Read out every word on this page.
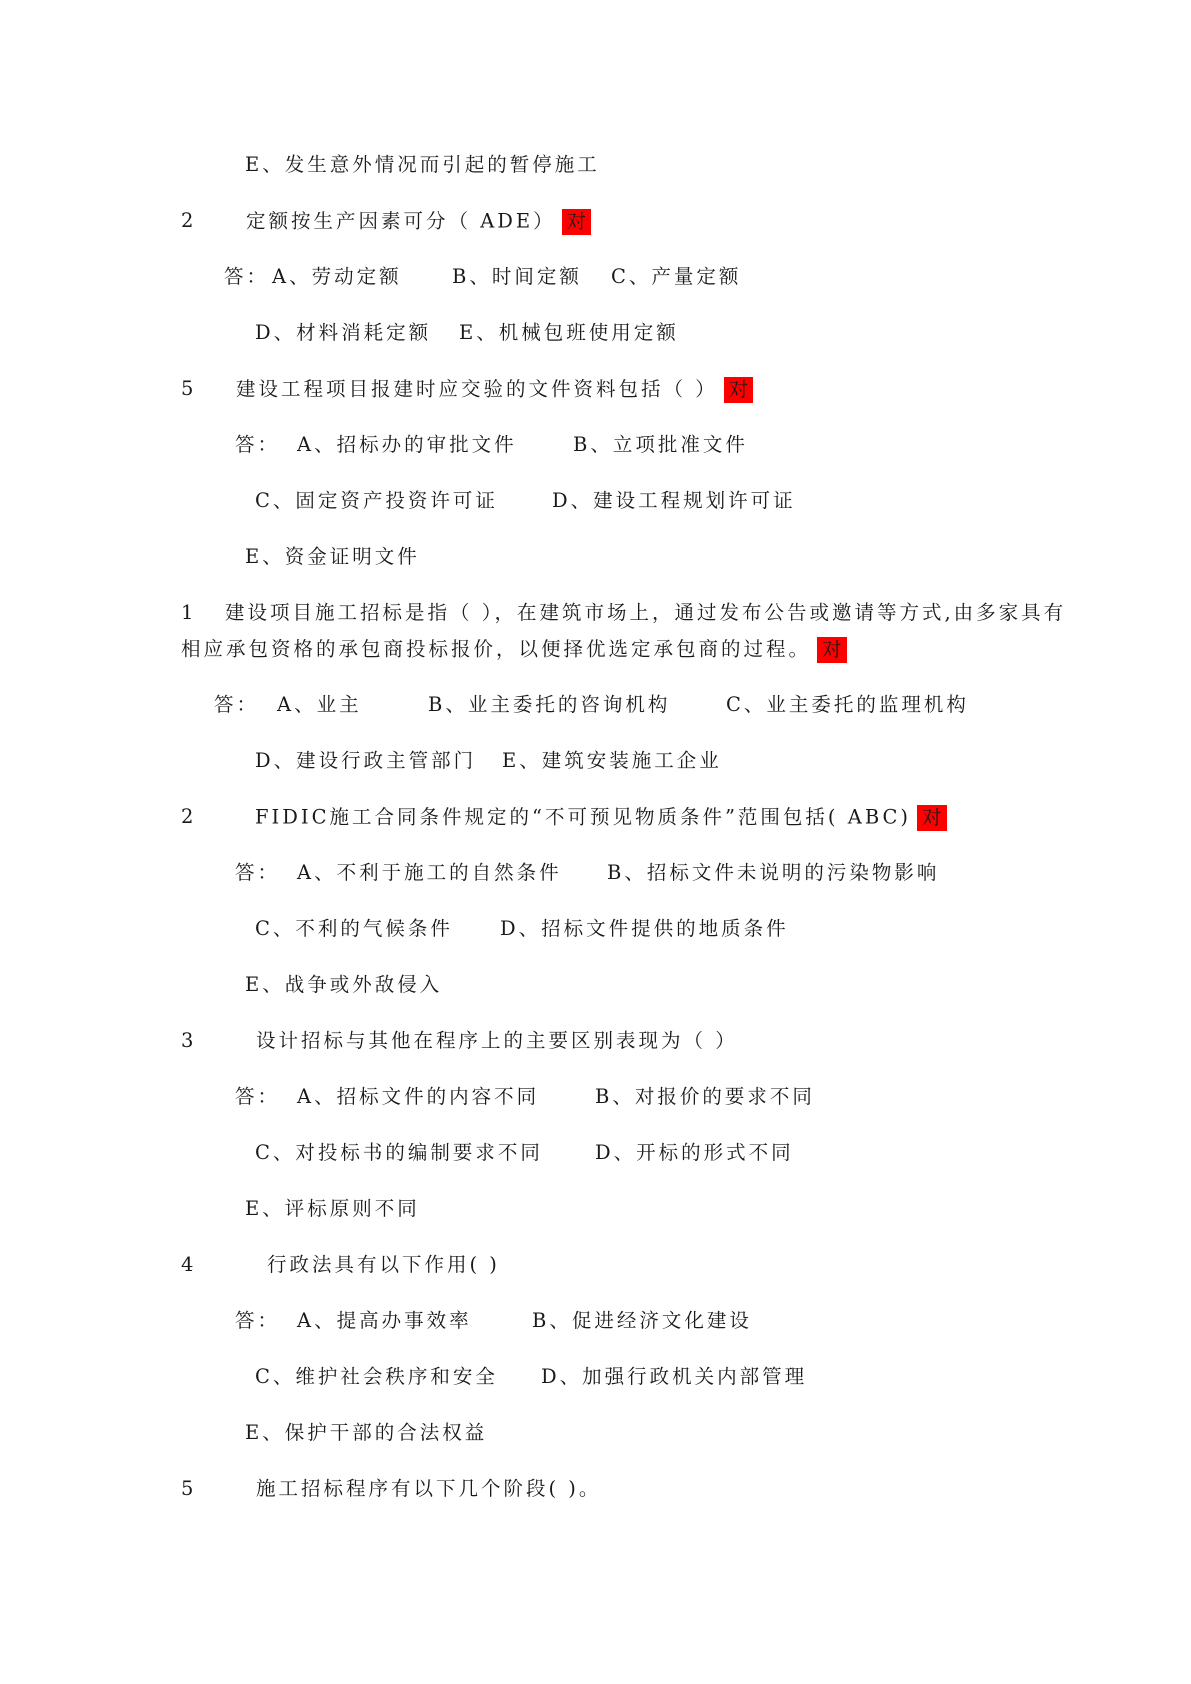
E、发生意外情况而引起的暂停施工
2	定额按生产因素可分（ ADE） 对
答： A、劳动定额	B、时间定额 C、产量定额
D、材料消耗定额 E、机械包班使用定额
5 建设工程项目报建时应交验的文件资料包括（ ） 对
答： A、招标办的审批文件	B、立项批准文件
C、固定资产投资许可证	D、建设工程规划许可证
E、资金证明文件
1 建设项目施工招标是指（ ），在建筑市场上，通过发布公告或邀请等方式,由多家具有
相应承包资格的承包商投标报价，以便择优选定承包商的过程。 对
答： A、业主	B、业主委托的咨询机构	C、业主委托的监理机构
D、建设行政主管部门 E、建筑安装施工企业
2	FIDIC施工合同条件规定的“不可预见物质条件”范围包括( ABC) 对
答： A、不利于施工的自然条件 B、招标文件未说明的污染物影响
C、不利的气候条件 D、招标文件提供的地质条件
E、战争或外敌侵入
3	设计招标与其他在程序上的主要区别表现为（ ）
答： A、招标文件的内容不同	B、对报价的要求不同
C、对投标书的编制要求不同	D、开标的形式不同
E、评标原则不同
4	行政法具有以下作用( )
答： A、提高办事效率	B、促进经济文化建设
C、维护社会秩序和安全 D、加强行政机关内部管理
E、保护干部的合法权益
5	施工招标程序有以下几个阶段( )。
